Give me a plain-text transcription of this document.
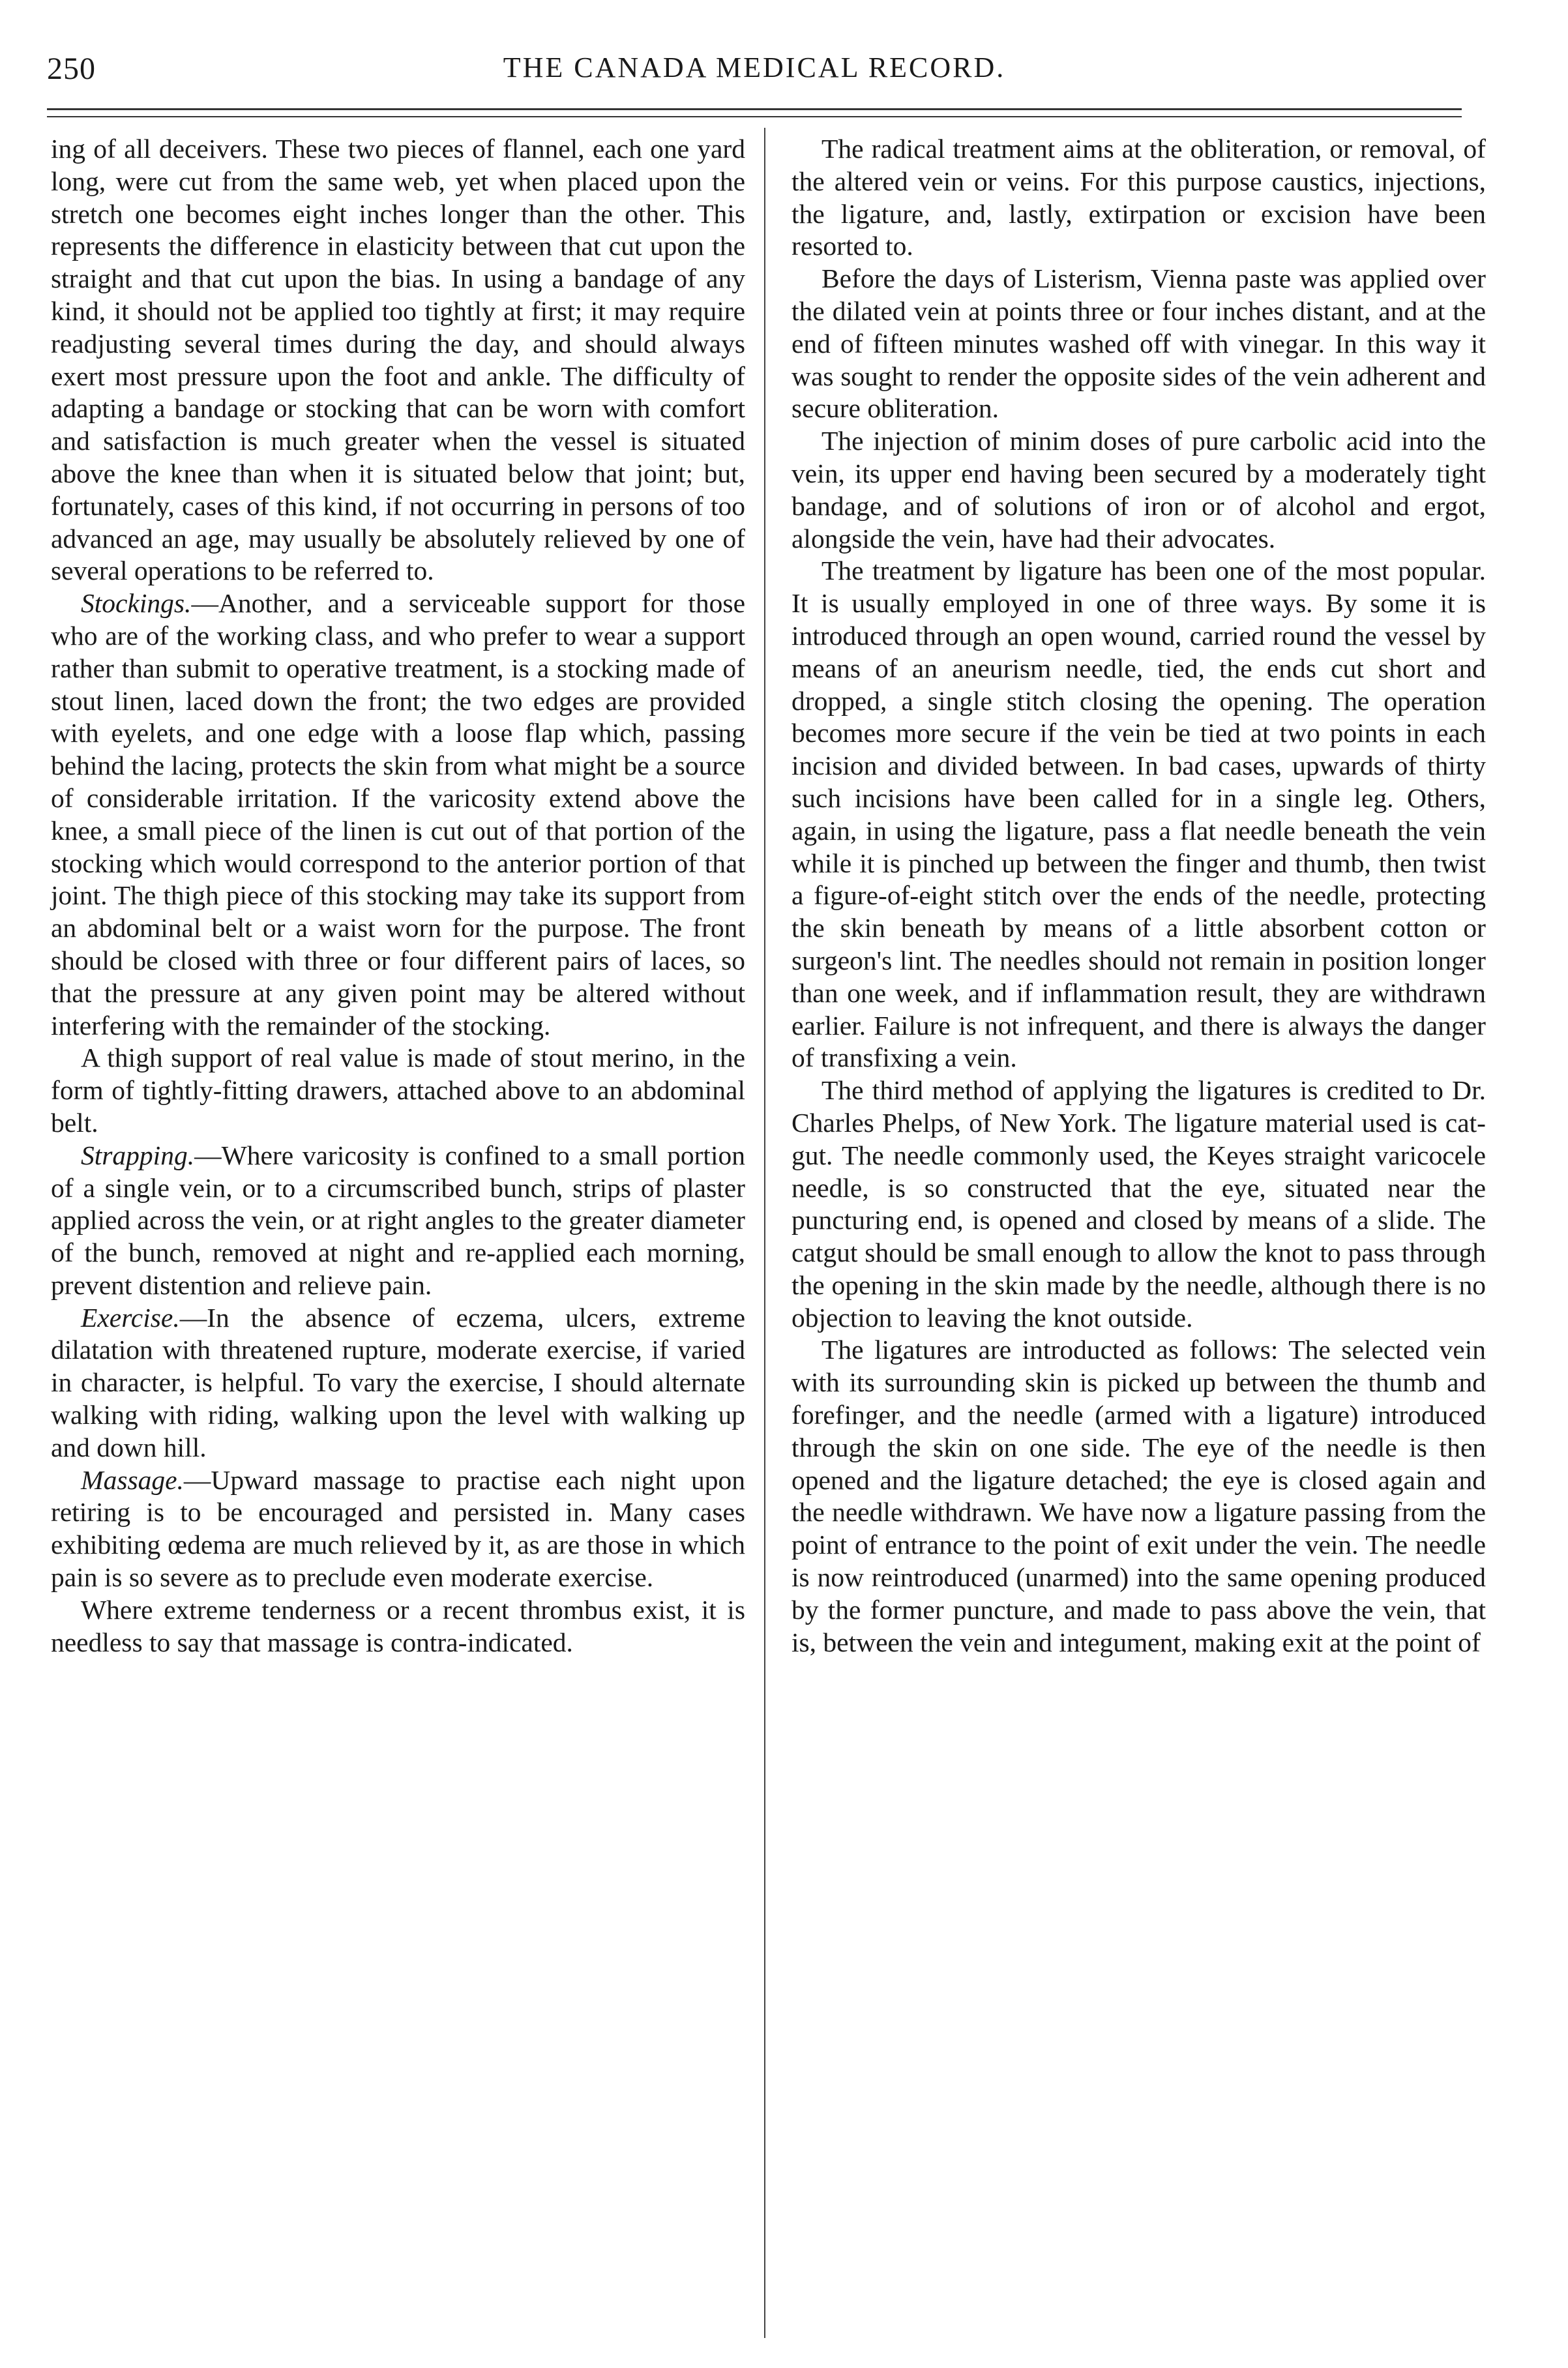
250	THE CANADA MEDICAL RECORD.

ing of all deceivers. These two pieces of flannel, each one yard long, were cut from the same web, yet when placed upon the stretch one becomes eight inches longer than the other. This represents the difference in elasticity between that cut upon the straight and that cut upon the bias. In using a bandage of any kind, it should not be applied too tightly at first; it may require readjusting several times during the day, and should always exert most pressure upon the foot and ankle. The difficulty of adapting a bandage or stocking that can be worn with comfort and satisfaction is much greater when the vessel is situated above the knee than when it is situated below that joint; but, fortunately, cases of this kind, if not occurring in persons of too advanced an age, may usually be absolutely relieved by one of several operations to be referred to.

Stockings.—Another, and a serviceable support for those who are of the working class, and who prefer to wear a support rather than submit to operative treatment, is a stocking made of stout linen, laced down the front; the two edges are provided with eyelets, and one edge with a loose flap which, passing behind the lacing, protects the skin from what might be a source of considerable irritation. If the varicosity extend above the knee, a small piece of the linen is cut out of that portion of the stocking which would correspond to the anterior portion of that joint. The thigh piece of this stocking may take its support from an abdominal belt or a waist worn for the purpose. The front should be closed with three or four different pairs of laces, so that the pressure at any given point may be altered without interfering with the remainder of the stocking.

A thigh support of real value is made of stout merino, in the form of tightly-fitting drawers, attached above to an abdominal belt.

Strapping.—Where varicosity is confined to a small portion of a single vein, or to a circumscribed bunch, strips of plaster applied across the vein, or at right angles to the greater diameter of the bunch, removed at night and re-applied each morning, prevent distention and relieve pain.

Exercise.—In the absence of eczema, ulcers, extreme dilatation with threatened rupture, moderate exercise, if varied in character, is helpful. To vary the exercise, I should alternate walking with riding, walking upon the level with walking up and down hill.

Massage.—Upward massage to practise each night upon retiring is to be encouraged and persisted in. Many cases exhibiting œdema are much relieved by it, as are those in which pain is so severe as to preclude even moderate exercise.

Where extreme tenderness or a recent thrombus exist, it is needless to say that massage is contra-indicated.

The radical treatment aims at the obliteration, or removal, of the altered vein or veins. For this purpose caustics, injections, the ligature, and, lastly, extirpation or excision have been resorted to.

Before the days of Listerism, Vienna paste was applied over the dilated vein at points three or four inches distant, and at the end of fifteen minutes washed off with vinegar. In this way it was sought to render the opposite sides of the vein adherent and secure obliteration.

The injection of minim doses of pure carbolic acid into the vein, its upper end having been secured by a moderately tight bandage, and of solutions of iron or of alcohol and ergot, alongside the vein, have had their advocates.

The treatment by ligature has been one of the most popular. It is usually employed in one of three ways. By some it is introduced through an open wound, carried round the vessel by means of an aneurism needle, tied, the ends cut short and dropped, a single stitch closing the opening. The operation becomes more secure if the vein be tied at two points in each incision and divided between. In bad cases, upwards of thirty such incisions have been called for in a single leg. Others, again, in using the ligature, pass a flat needle beneath the vein while it is pinched up between the finger and thumb, then twist a figure-of-eight stitch over the ends of the needle, protecting the skin beneath by means of a little absorbent cotton or surgeon's lint. The needles should not remain in position longer than one week, and if inflammation result, they are withdrawn earlier. Failure is not infrequent, and there is always the danger of transfixing a vein.

The third method of applying the ligatures is credited to Dr. Charles Phelps, of New York. The ligature material used is cat-gut. The needle commonly used, the Keyes straight varicocele needle, is so constructed that the eye, situated near the puncturing end, is opened and closed by means of a slide. The catgut should be small enough to allow the knot to pass through the opening in the skin made by the needle, although there is no objection to leaving the knot outside.

The ligatures are introducted as follows: The selected vein with its surrounding skin is picked up between the thumb and forefinger, and the needle (armed with a ligature) introduced through the skin on one side. The eye of the needle is then opened and the ligature detached; the eye is closed again and the needle withdrawn. We have now a ligature passing from the point of entrance to the point of exit under the vein. The needle is now reintroduced (unarmed) into the same opening produced by the former puncture, and made to pass above the vein, that is, between the vein and integument, making exit at the point of
